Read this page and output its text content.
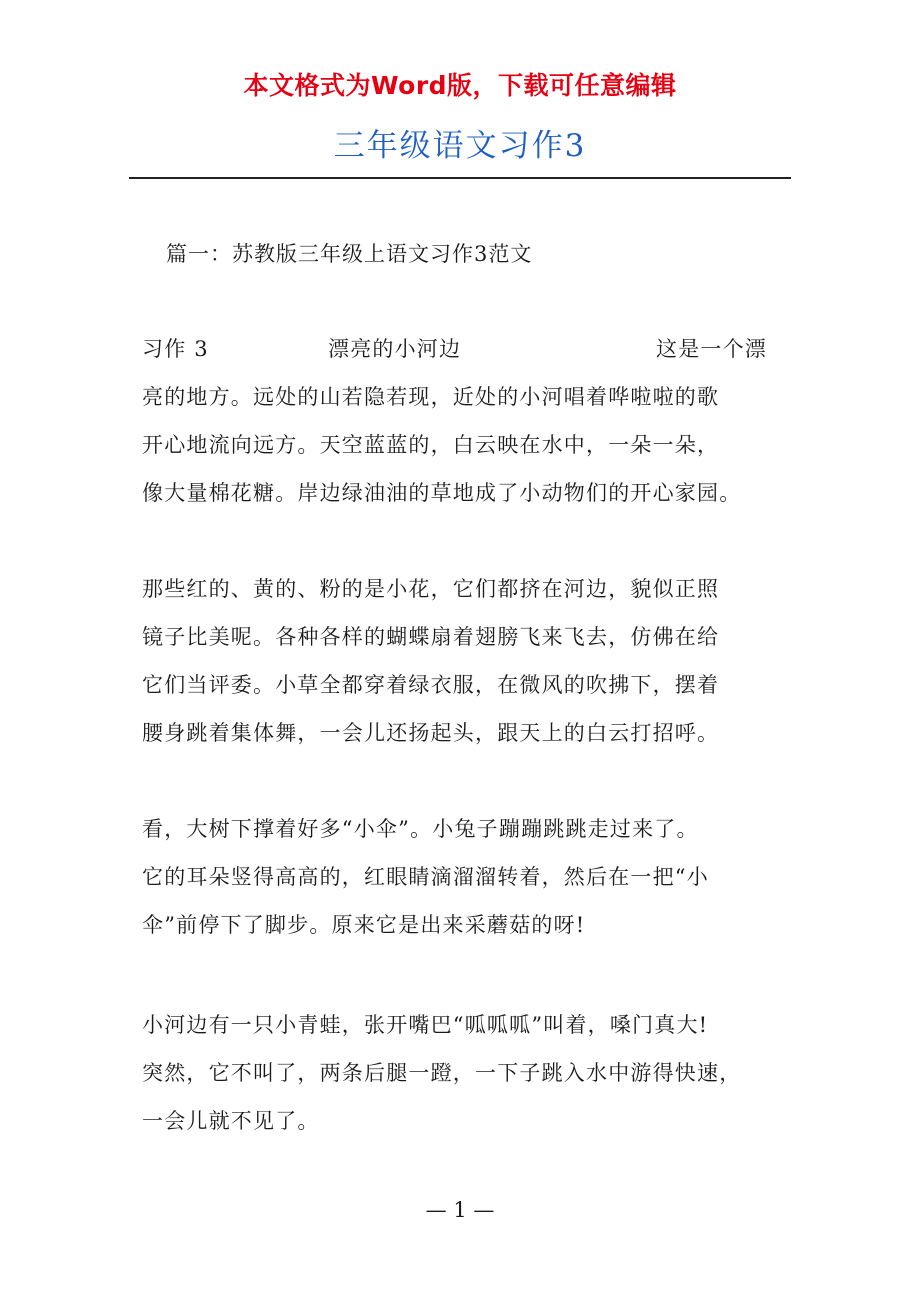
本文格式为Word版，下载可任意编辑
三年级语文习作3
篇一：苏教版三年级上语文习作3范文
习作 3	漂亮的小河边	这是一个漂
亮的地方。远处的山若隐若现，近处的小河唱着哗啦啦的歌
开心地流向远方。天空蓝蓝的，白云映在水中，一朵一朵，
像大量棉花糖。岸边绿油油的草地成了小动物们的开心家园。
那些红的、黄的、粉的是小花，它们都挤在河边，貌似正照
镜子比美呢。各种各样的蝴蝶扇着翅膀飞来飞去，仿佛在给
它们当评委。小草全都穿着绿衣服，在微风的吹拂下，摆着
腰身跳着集体舞，一会儿还扬起头，跟天上的白云打招呼。
看，大树下撑着好多“小伞”。小兔子蹦蹦跳跳走过来了。
它的耳朵竖得高高的，红眼睛滴溜溜转着，然后在一把“小
伞”前停下了脚步。原来它是出来采蘑菇的呀!
小河边有一只小青蛙，张开嘴巴“呱呱呱”叫着，嗓门真大!
突然，它不叫了，两条后腿一蹬，一下子跳入水中游得快速，
一会儿就不见了。
— 1 —
